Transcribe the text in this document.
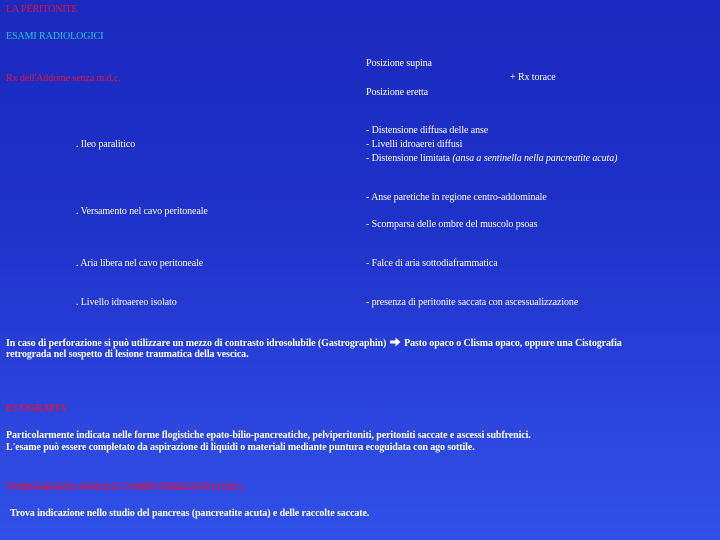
LA PERITONITE
ESAMI RADIOLOGICI
Rx dell'Addome senza m.d.c.
Posizione supina
Posizione eretta
+ Rx torace
. Ileo paralitico
- Distensione diffusa delle anse
- Livelli idroaerei diffusi
- Distensione limitata (ansa a sentinella nella pancreatite acuta)
. Versamento nel cavo peritoneale
- Anse paretiche in regione centro-addominale
- Scomparsa delle ombre del muscolo psoas
. Aria libera nel cavo peritoneale	- Falce di aria sottodiaframmatica
. Livello idroaereo isolato	- presenza di peritonite saccata con ascessualizzazione
In caso di perforazione si può utilizzare un mezzo di contrasto idrosolubile (Gastrographin) Pasto opaco o Clisma opaco, oppure una Cistografia
retrograda nel sospetto di lesione traumatica della vescica.
ECOGRAFIA
Particolarmente indicata nelle forme flogistiche epato-bilio-pancreatiche, pelviperitoniti, peritoniti saccate e ascessi subfrenici.
L'esame può essere completato da aspirazione di liquidi o materiali mediante puntura ecoguidata con ago sottile.
TOMOGRAFIA ASSIALE COMPUTERIZZATA (TAC)
Trova indicazione nello studio del pancreas (pancreatite acuta) e delle raccolte saccate.
